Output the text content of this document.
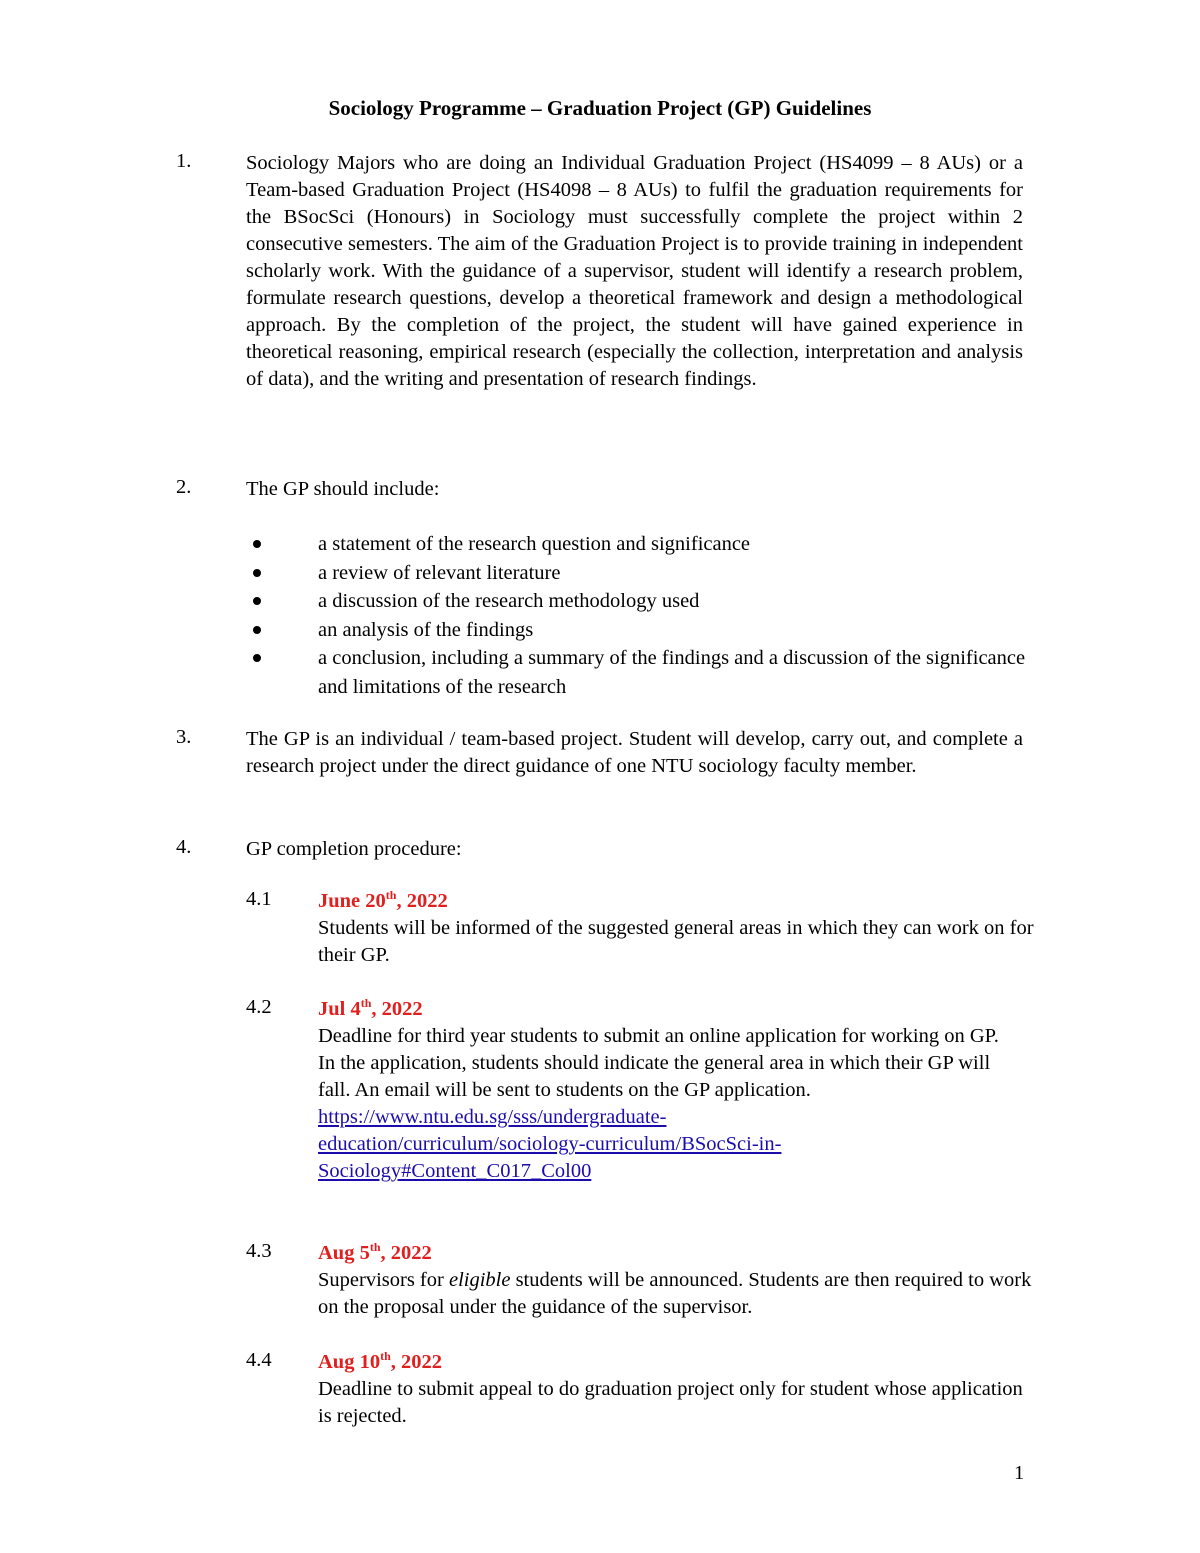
Sociology Programme – Graduation Project (GP) Guidelines
1.	Sociology Majors who are doing an Individual Graduation Project (HS4099 – 8 AUs) or a Team-based Graduation Project (HS4098 – 8 AUs) to fulfil the graduation requirements for the BSocSci (Honours) in Sociology must successfully complete the project within 2 consecutive semesters. The aim of the Graduation Project is to provide training in independent scholarly work. With the guidance of a supervisor, student will identify a research problem, formulate research questions, develop a theoretical framework and design a methodological approach. By the completion of the project, the student will have gained experience in theoretical reasoning, empirical research (especially the collection, interpretation and analysis of data), and the writing and presentation of research findings.
2.	The GP should include:
a statement of the research question and significance
a review of relevant literature
a discussion of the research methodology used
an analysis of the findings
a conclusion, including a summary of the findings and a discussion of the significance and limitations of the research
3.	The GP is an individual / team-based project. Student will develop, carry out, and complete a research project under the direct guidance of one NTU sociology faculty member.
4.	GP completion procedure:
4.1 June 20th, 2022
Students will be informed of the suggested general areas in which they can work on for their GP.
4.2 Jul 4th, 2022
Deadline for third year students to submit an online application for working on GP. In the application, students should indicate the general area in which their GP will fall. An email will be sent to students on the GP application.
https://www.ntu.edu.sg/sss/undergraduate-
education/curriculum/sociology-curriculum/BSocSci-in-
Sociology#Content_C017_Col00
4.3 Aug 5th, 2022
Supervisors for eligible students will be announced. Students are then required to work on the proposal under the guidance of the supervisor.
4.4 Aug 10th, 2022
Deadline to submit appeal to do graduation project only for student whose application is rejected.
1
